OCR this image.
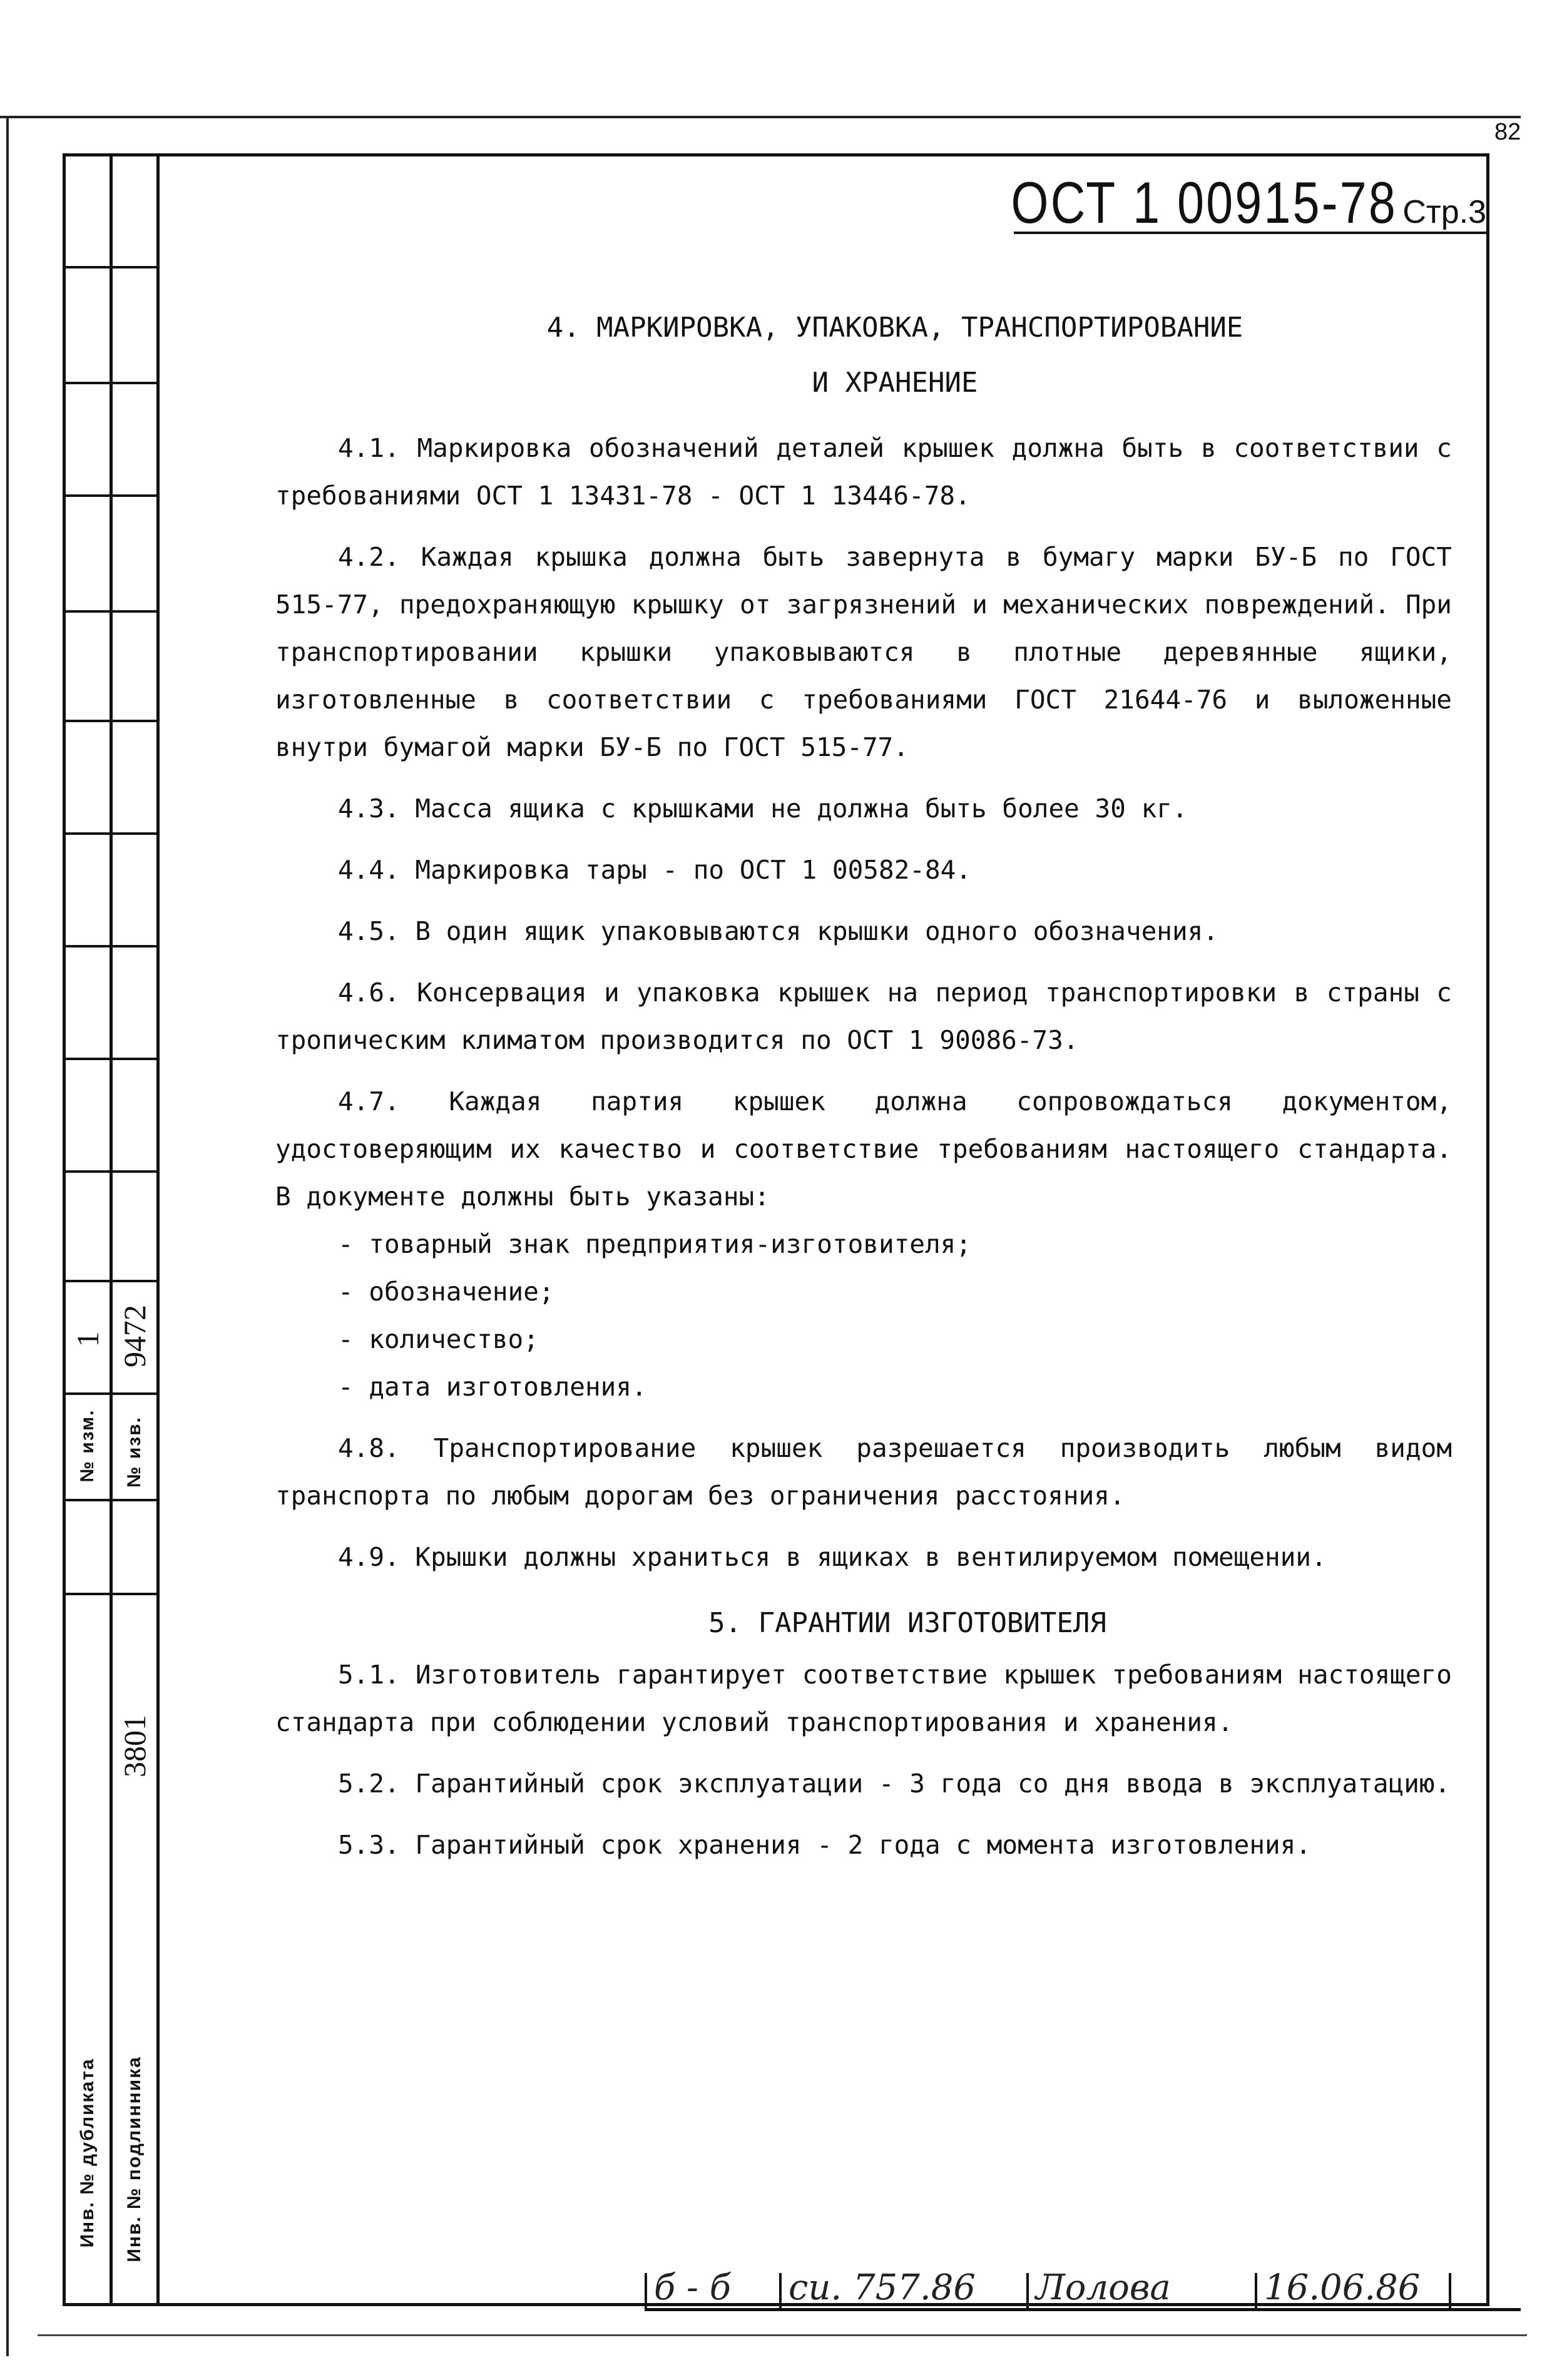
№ изм.
1
№ изв.
9472
3801
Инв. № дубликата Инв. № подлинника
82
ОСТ 1 00915-78 Стр.3

4. МАРКИРОВКА, УПАКОВКА, ТРАНСПОРТИРОВАНИЕ

И ХРАНЕНИЕ

4.1. Маркировка обозначений деталей крышек должна быть в соответствии с требованиями ОСТ 1 13431-78 - ОСТ 1 13446-78.

4.2. Каждая крышка должна быть завернута в бумагу марки БУ-Б по ГОСТ 515-77, предохраняющую крышку от загрязнений и механических повреждений. При транспортировании крышки упаковываются в плотные деревянные ящики, изготовленные в соответствии с требованиями ГОСТ 21644-76 и выложенные внутри бумагой марки БУ-Б по ГОСТ 515-77.

4.3. Масса ящика с крышками не должна быть более 30 кг.

4.4. Маркировка тары - по ОСТ 1 00582-84.

4.5. В один ящик упаковываются крышки одного обозначения.

4.6. Консервация и упаковка крышек на период транспортировки в страны с тропическим климатом производится по ОСТ 1 90086-73.

4.7. Каждая партия крышек должна сопровождаться документом, удостоверяющим их качество и соответствие требованиям настоящего стандарта. В документе должны быть указаны:

- товарный знак предприятия-изготовителя;

- обозначение;

- количество;

- дата изготовления.

4.8. Транспортирование крышек разрешается производить любым видом транспорта по любым дорогам без ограничения расстояния.

4.9. Крышки должны храниться в ящиках в вентилируемом помещении.

5. ГАРАНТИИ ИЗГОТОВИТЕЛЯ

5.1. Изготовитель гарантирует соответствие крышек требованиям настоящего стандарта при соблюдении условий транспортирования и хранения.

5.2. Гарантийный срок эксплуатации - 3 года со дня ввода в эксплуатацию.

5.3. Гарантийный срок хранения - 2 года с момента изготовления.

б - б си. 757.86 Лолова	16.06.86
